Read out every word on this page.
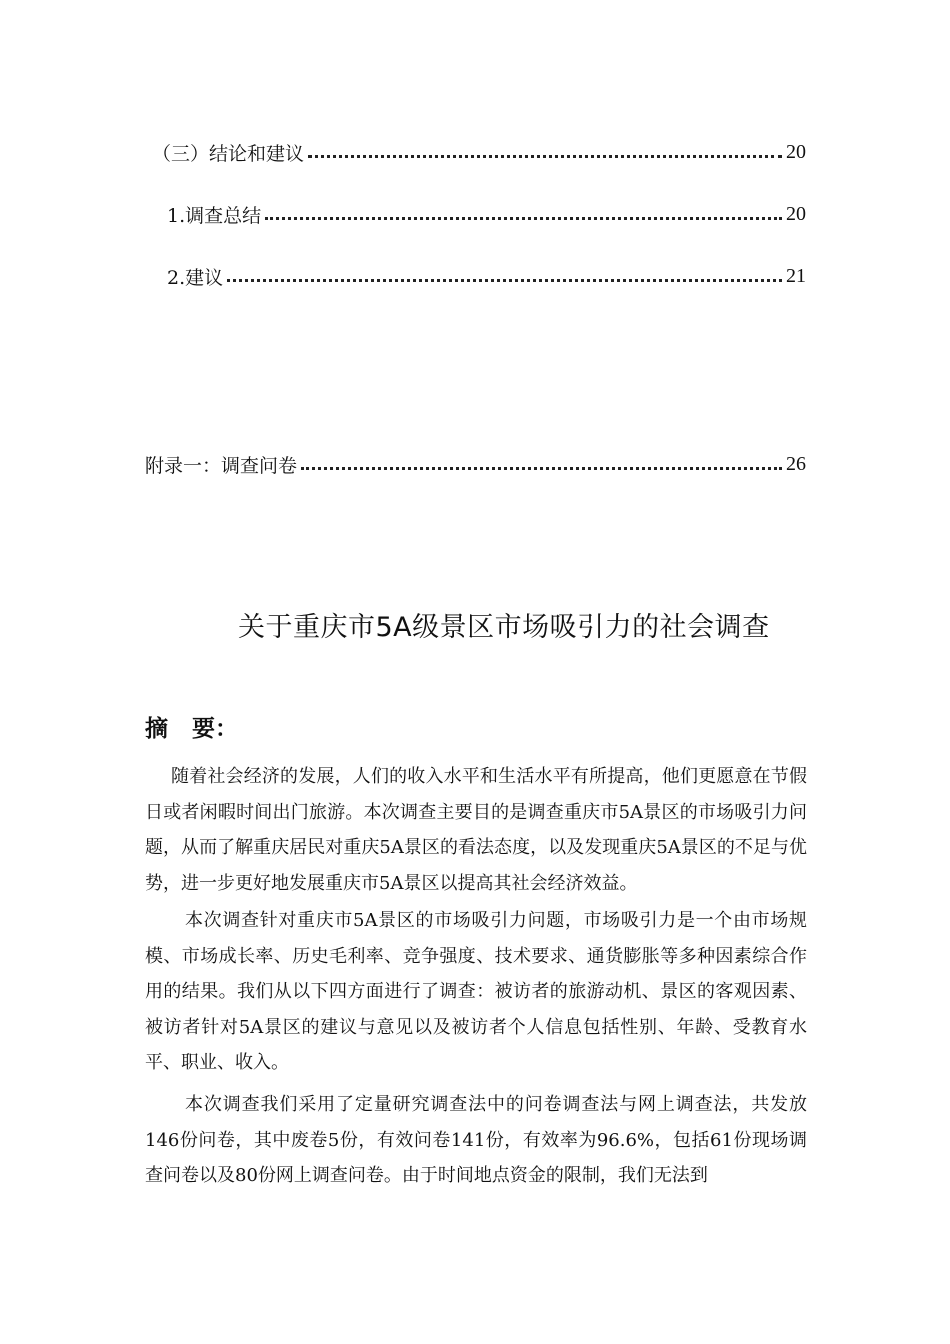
（三）结论和建议	20
1.调查总结	20
2.建议	21
附录一：调查问卷	26
关于重庆市5A级景区市场吸引力的社会调查
摘   要：

随着社会经济的发展，人们的收入水平和生活水平有所提高，他们更愿意在节假日或者闲暇时间出门旅游。本次调查主要目的是调查重庆市5A景区的市场吸引力问题，从而了解重庆居民对重庆5A景区的看法态度，以及发现重庆5A景区的不足与优势，进一步更好地发展重庆市5A景区以提高其社会经济效益。

本次调查针对重庆市5A景区的市场吸引力问题，市场吸引力是一个由市场规模、市场成长率、历史毛利率、竞争强度、技术要求、通货膨胀等多种因素综合作用的结果。我们从以下四方面进行了调查：被访者的旅游动机、景区的客观因素、被访者针对5A景区的建议与意见以及被访者个人信息包括性别、年龄、受教育水平、职业、收入。

本次调查我们采用了定量研究调查法中的问卷调查法与网上调查法，共发放146份问卷，其中废卷5份，有效问卷141份，有效率为96.6%，包括61份现场调查问卷以及80份网上调查问卷。由于时间地点资金的限制，我们无法到
